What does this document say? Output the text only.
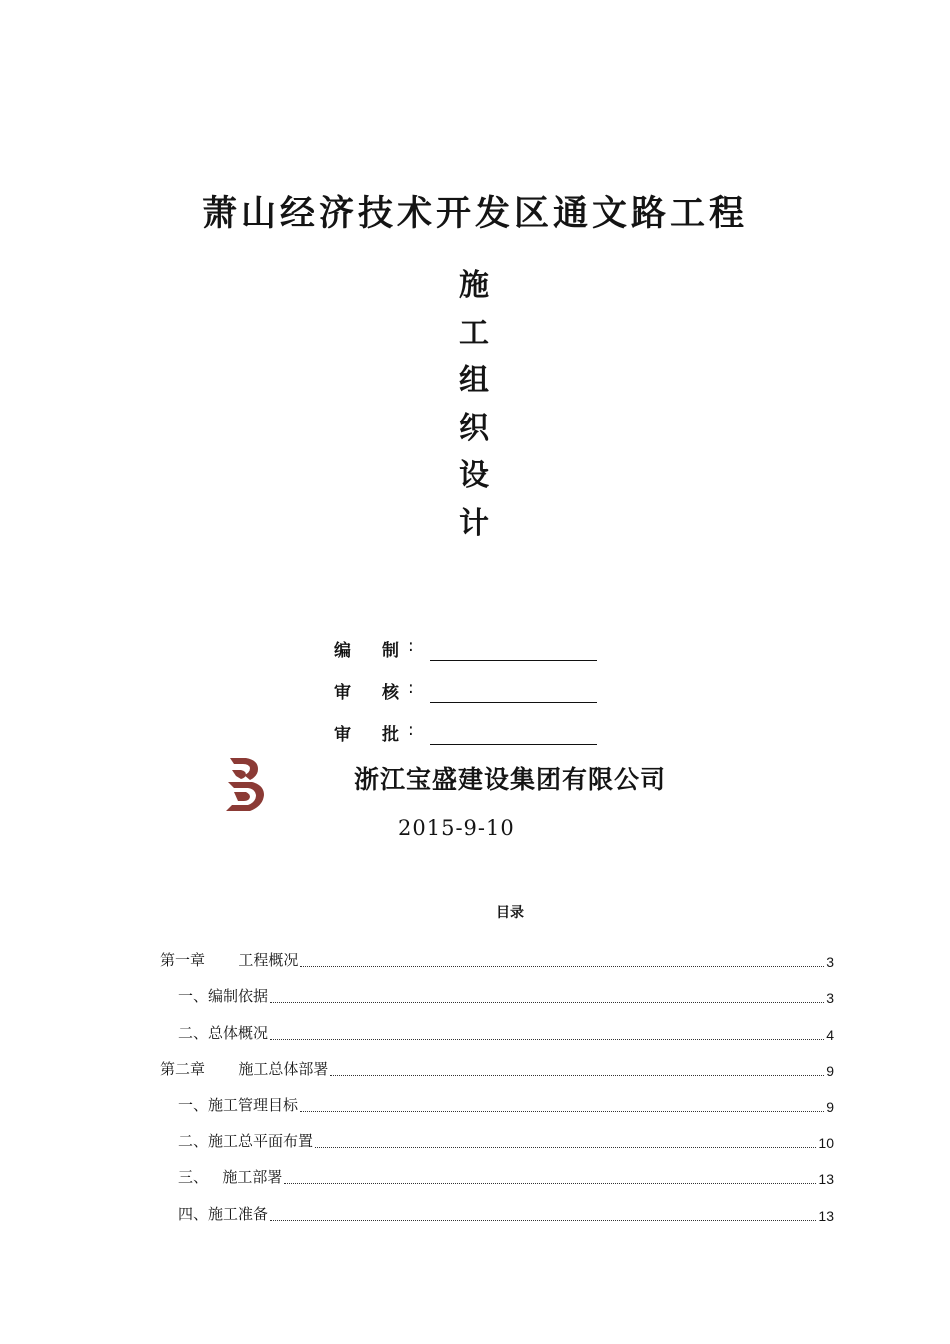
萧山经济技术开发区通文路工程
施
工
组
织
设
计
编 制 :
审 核 :
审 批 :
浙江宝盛建设集团有限公司
2015-9-10
目录
第一章 工程概况	3
一、 编制依据	3
二、 总体概况	4
第二章 施工总体部署	9
一、 施工管理目标	9
二、 施工总平面布置	10
三、 施工部署	13
四、 施工准备	13
